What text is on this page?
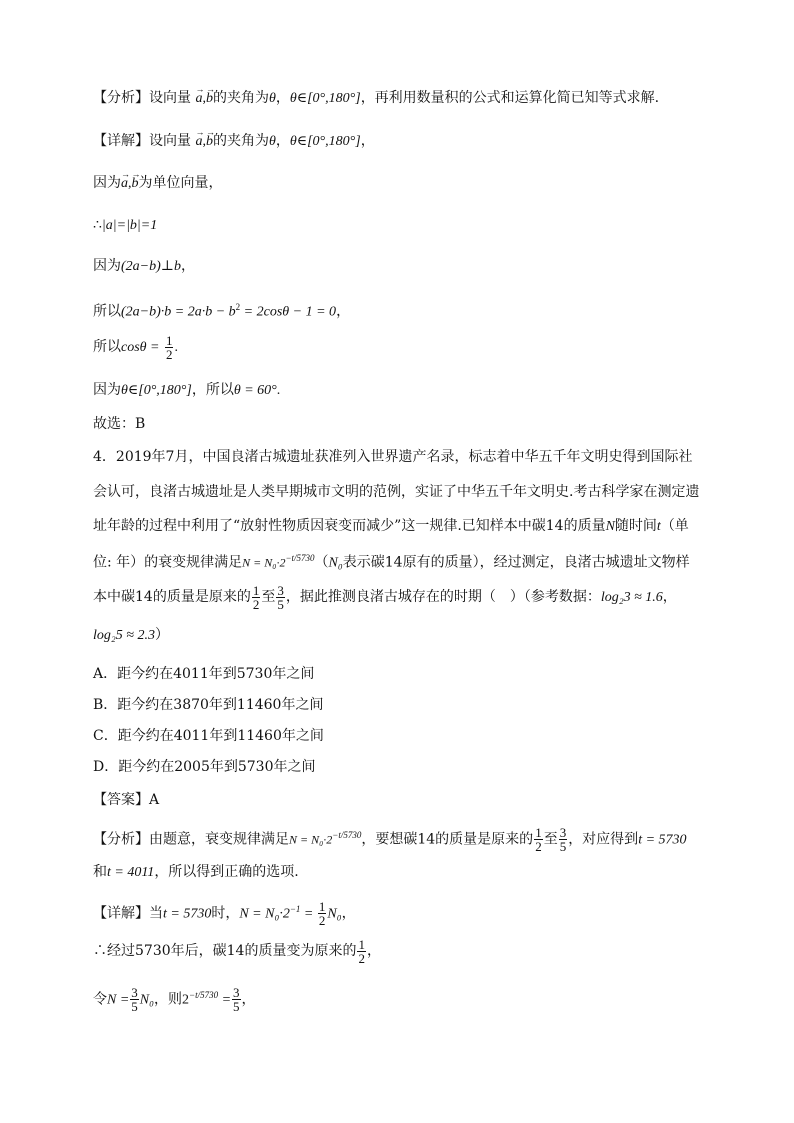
【分析】设向量 → a,→ b的夹角为θ，θ∈[0°,180°]，再利用数量积的公式和运算化简已知等式求解.
【详解】设向量 → a,→ b的夹角为θ，θ∈[0°,180°]，
因为→ a,→ b为单位向量，
∴|a|=|b|=1
因为(2a−b)⊥b，
所以$(2a-b)\cdot b = 2a\cdot b - b^2 = 2\cos\theta - 1 = 0$，
所以$\cos\theta = \frac{1}{2}$ .
因为θ∈[0°,180°]，所以θ = 60°.
故选：B
4．2019年7月，中国良渚古城遗址获准列入世界遗产名录，标志着中华五千年文明史得到国际社
会认可，良渚古城遗址是人类早期城市文明的范例，实证了中华五千年文明史.考古科学家在测定遗
址年龄的过程中利用了“放射性物质因衰变而减少”这一规律.已知样本中碳14的质量N随时间t（单
位: 年）的衰变规律满足$N = N_0\cdot 2^{-t/5730}(N_0$表示碳14原有的质量），经过测定，良渚古城遗址文物样
本中碳14的质量是原来的 $\frac{1}{2}$ 至 $\frac{3}{5}$ ，据此推测良渚古城存在的时期（　）（参考数据：log₂3 ≈ 1.6，
log₂5 ≈ 2.3）
A．距今约在4011年到5730年之间
B．距今约在3870年到11460年之间
C．距今约在4011年到11460年之间
D．距今约在2005年到5730年之间
【答案】A
【分析】由题意，衰变规律满足$N = N_0\cdot 2^{-t/5730}$，要想碳14的质量是原来的 $\frac{1}{2}$ 至 $\frac{3}{5}$ ，对应得到t = 5730
和t = 4011，所以得到正确的选项.
【详解】当t = 5730时，$N = N_0\cdot 2^{-1} = \frac{1}{2} N_0$，
∴经过5730年后，碳14的质量变为原来的 $\frac{1}{2}$ ，
令$N = \frac{3}{5} N_0$，则$2^{-t/5730} = \frac{3}{5}$ ，
